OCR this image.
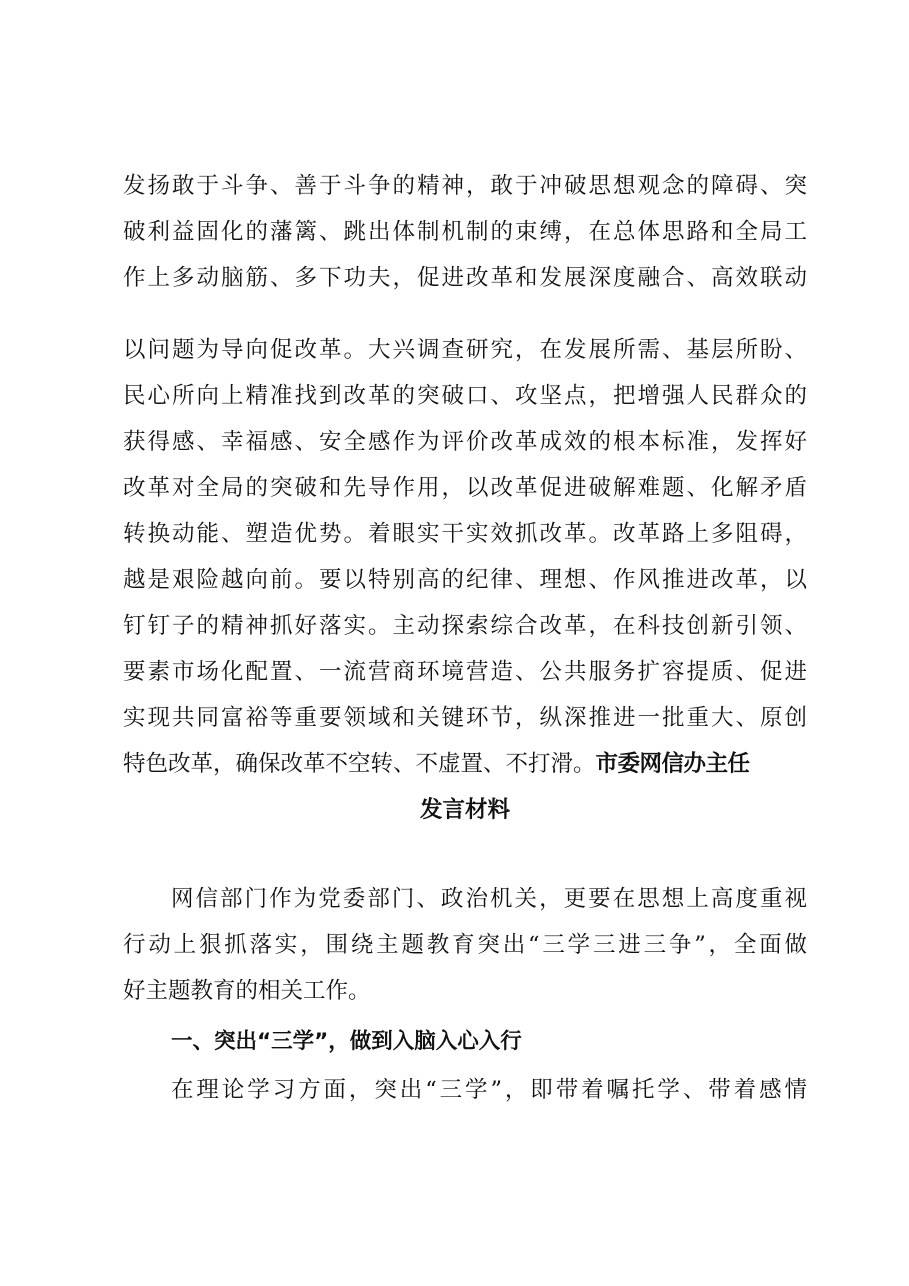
发扬敢于斗争、善于斗争的精神，敢于冲破思想观念的障碍、突
破利益固化的藩篱、跳出体制机制的束缚，在总体思路和全局工
作上多动脑筋、多下功夫，促进改革和发展深度融合、高效联动
以问题为导向促改革。大兴调查研究，在发展所需、基层所盼、
民心所向上精准找到改革的突破口、攻坚点，把增强人民群众的
获得感、幸福感、安全感作为评价改革成效的根本标准，发挥好
改革对全局的突破和先导作用，以改革促进破解难题、化解矛盾
转换动能、塑造优势。着眼实干实效抓改革。改革路上多阻碍，
越是艰险越向前。要以特别高的纪律、理想、作风推进改革，以
钉钉子的精神抓好落实。主动探索综合改革，在科技创新引领、
要素市场化配置、一流营商环境营造、公共服务扩容提质、促进
实现共同富裕等重要领域和关键环节，纵深推进一批重大、原创
特色改革，确保改革不空转、不虚置、不打滑。市委网信办主任
发言材料
网信部门作为党委部门、政治机关，更要在思想上高度重视
行动上狠抓落实，围绕主题教育突出“三学三进三争”，全面做
好主题教育的相关工作。
一、突出“三学”，做到入脑入心入行
在理论学习方面，突出“三学”，即带着嘱托学、带着感情
